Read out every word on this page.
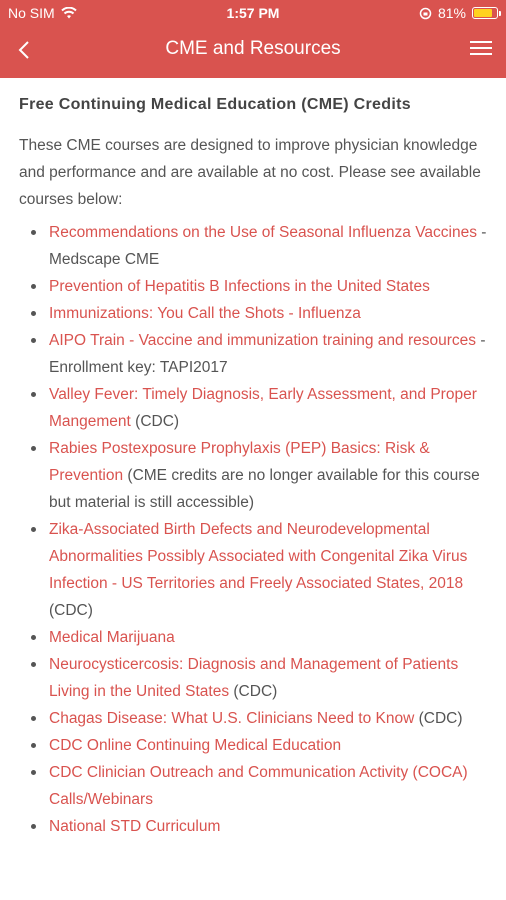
No SIM	1:57 PM	81%
CME and Resources
Free Continuing Medical Education (CME) Credits

These CME courses are designed to improve physician knowledge and performance and are available at no cost. Please see available courses below:

Recommendations on the Use of Seasonal Influenza Vaccines - Medscape CME
Prevention of Hepatitis B Infections in the United States
Immunizations: You Call the Shots - Influenza
AIPO Train - Vaccine and immunization training and resources - Enrollment key: TAPI2017
Valley Fever: Timely Diagnosis, Early Assessment, and Proper Mangement (CDC)
Rabies Postexposure Prophylaxis (PEP) Basics: Risk & Prevention (CME credits are no longer available for this course but material is still accessible)
Zika-Associated Birth Defects and Neurodevelopmental Abnormalities Possibly Associated with Congenital Zika Virus Infection - US Territories and Freely Associated States, 2018 (CDC)
Medical Marijuana
Neurocysticercosis: Diagnosis and Management of Patients Living in the United States (CDC)
Chagas Disease: What U.S. Clinicians Need to Know (CDC)
CDC Online Continuing Medical Education
CDC Clinician Outreach and Communication Activity (COCA) Calls/Webinars
National STD Curriculum
